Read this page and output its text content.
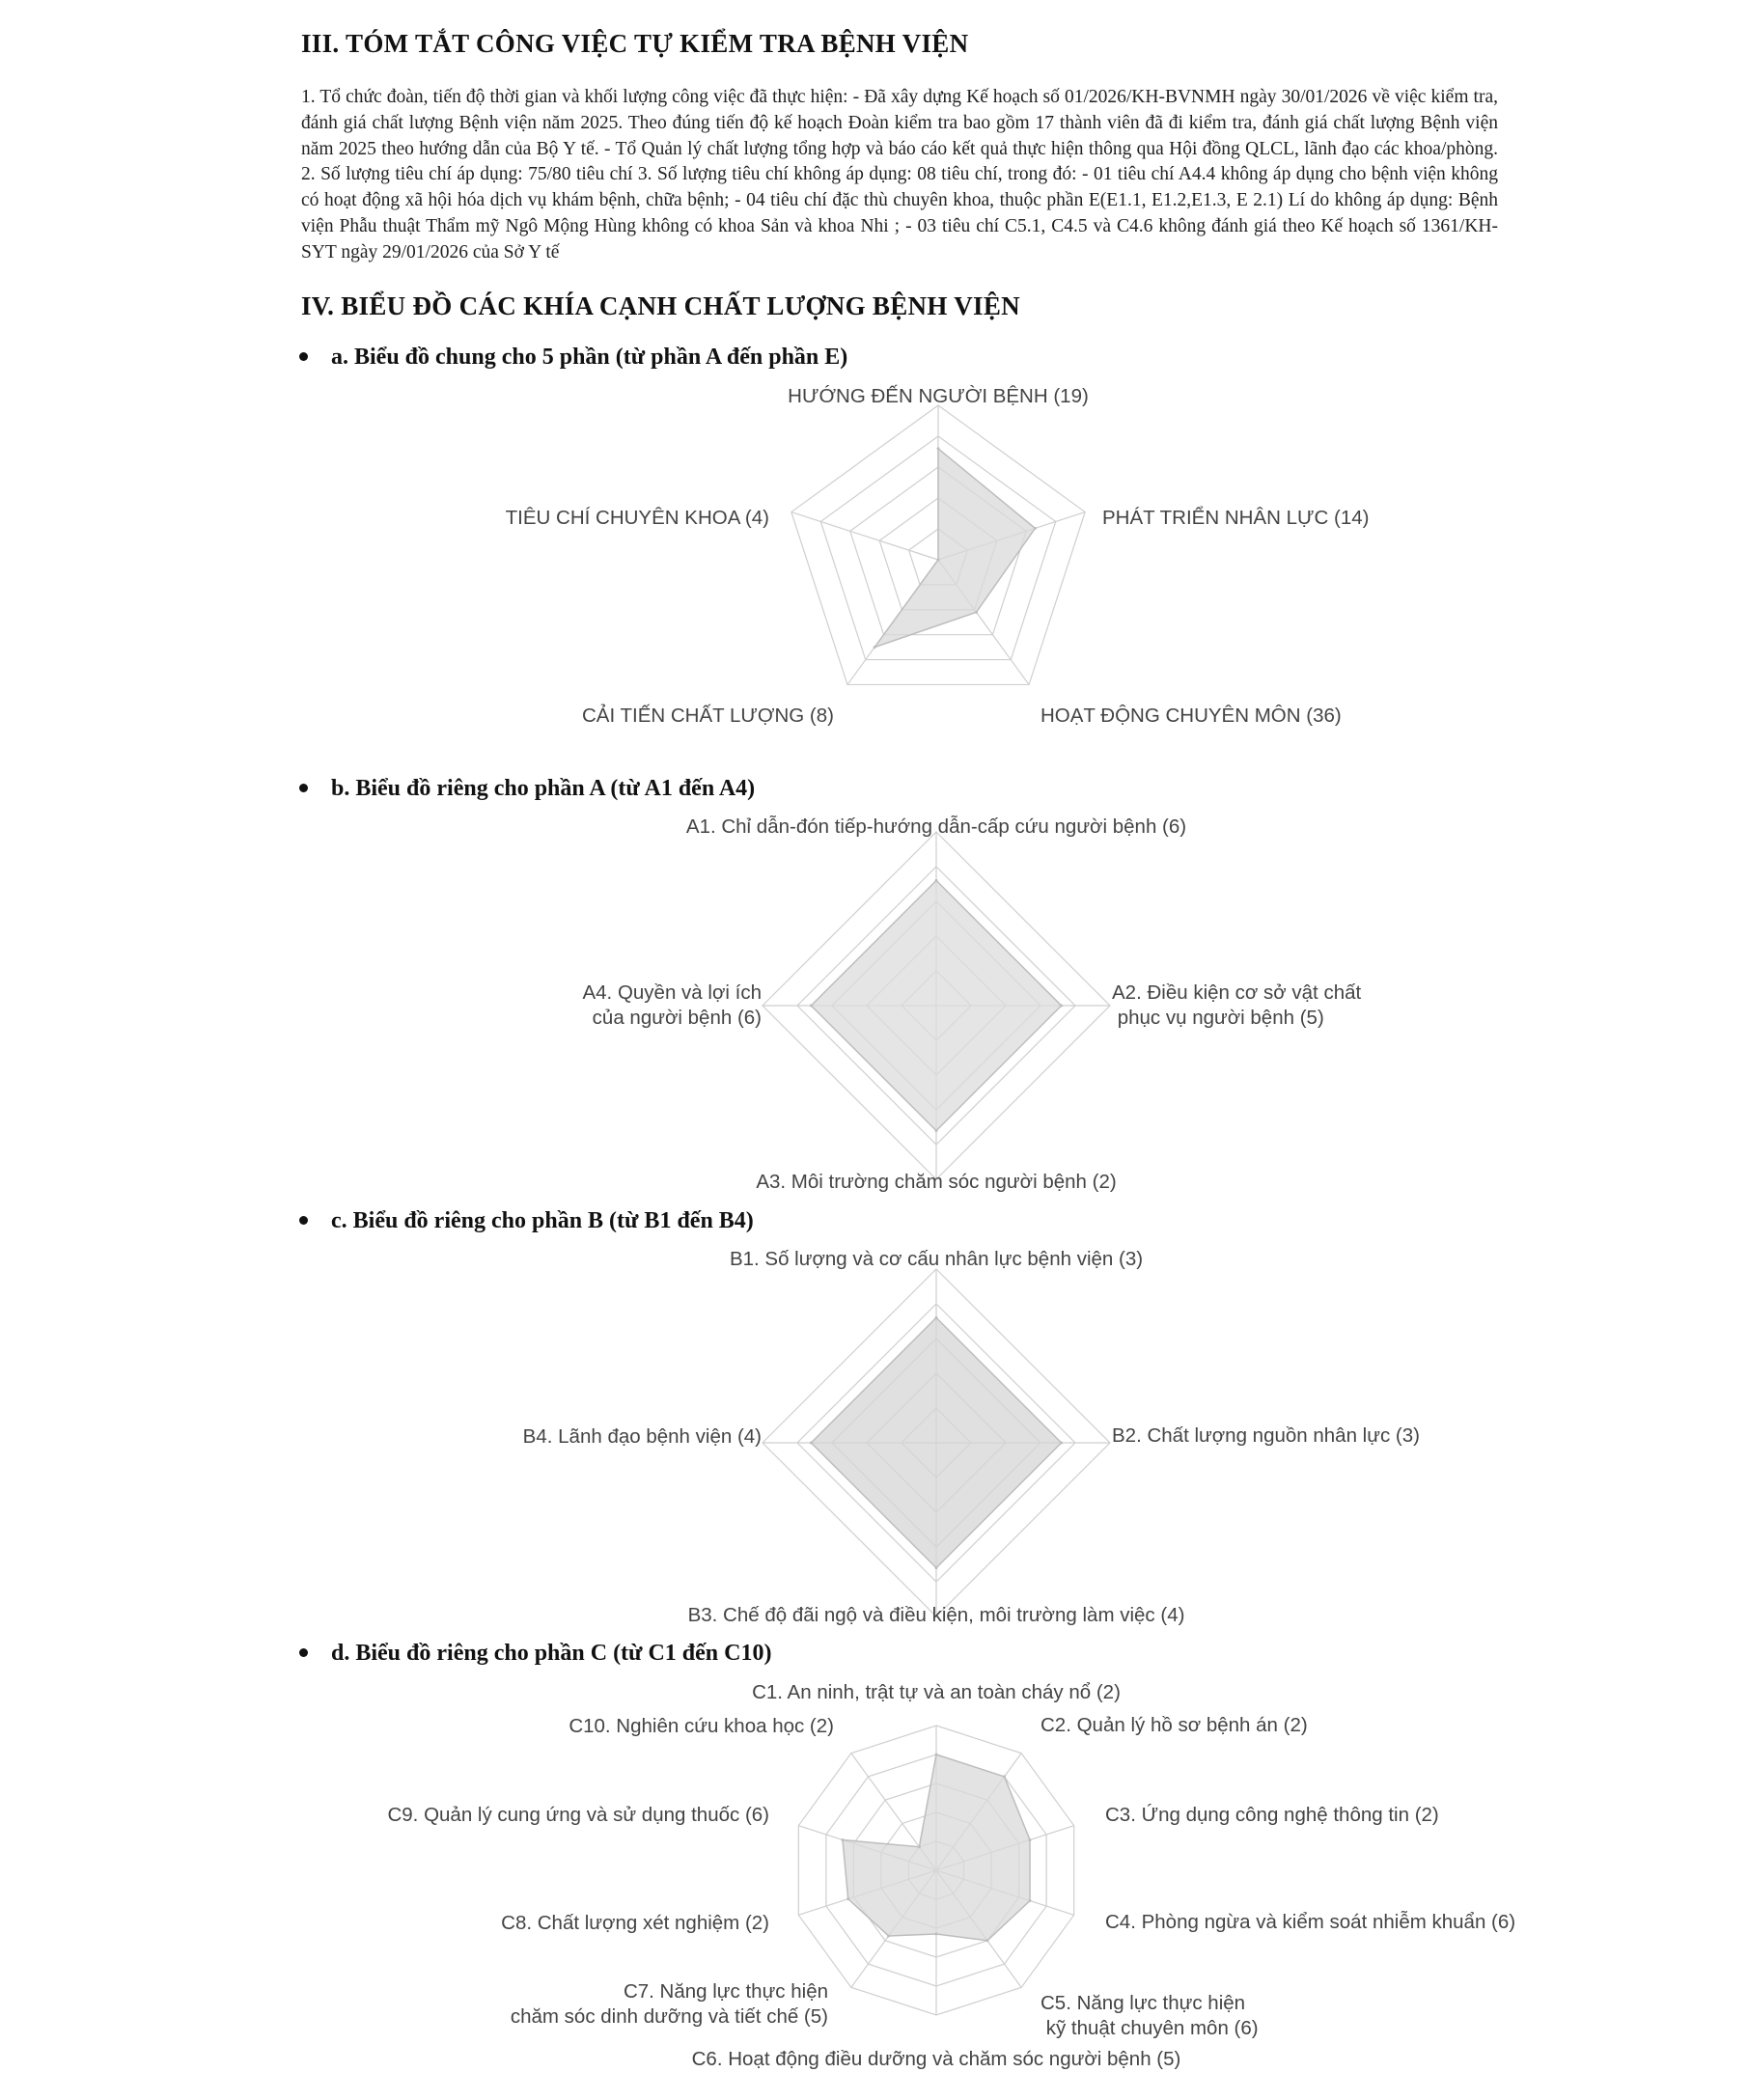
III. TÓM TẮT CÔNG VIỆC TỰ KIỂM TRA BỆNH VIỆN
1. Tổ chức đoàn, tiến độ thời gian và khối lượng công việc đã thực hiện: - Đã xây dựng Kế hoạch số 01/2026/KH-BVNMH ngày 30/01/2026 về việc kiểm tra, đánh giá chất lượng Bệnh viện năm 2025. Theo đúng tiến độ kế hoạch Đoàn kiểm tra bao gồm 17 thành viên đã đi kiểm tra, đánh giá chất lượng Bệnh viện năm 2025 theo hướng dẫn của Bộ Y tế. - Tổ Quản lý chất lượng tổng hợp và báo cáo kết quả thực hiện thông qua Hội đồng QLCL, lãnh đạo các khoa/phòng. 2. Số lượng tiêu chí áp dụng: 75/80 tiêu chí 3. Số lượng tiêu chí không áp dụng: 08 tiêu chí, trong đó: - 01 tiêu chí A4.4 không áp dụng cho bệnh viện không có hoạt động xã hội hóa dịch vụ khám bệnh, chữa bệnh; - 04 tiêu chí đặc thù chuyên khoa, thuộc phần E(E1.1, E1.2,E1.3, E 2.1) Lí do không áp dụng: Bệnh viện Phẫu thuật Thẩm mỹ Ngô Mộng Hùng không có khoa Sản và khoa Nhi ; - 03 tiêu chí C5.1, C4.5 và C4.6 không đánh giá theo Kế hoạch số 1361/KH-SYT ngày 29/01/2026 của Sở Y tế
IV. BIỂU ĐỒ CÁC KHÍA CẠNH CHẤT LƯỢNG BỆNH VIỆN
a. Biểu đồ chung cho 5 phần (từ phần A đến phần E)
HƯỚNG ĐẾN NGƯỜI BỆNH (19)
PHÁT TRIỂN NHÂN LỰC (14)
HOẠT ĐỘNG CHUYÊN MÔN (36)
CẢI TIẾN CHẤT LƯỢNG (8)
TIÊU CHÍ CHUYÊN KHOA (4)
A1. Chỉ dẫn-đón tiếp-hướng dẫn-cấp cứu người bệnh (6)
A2. Điều kiện cơ sở vật chất phục vụ người bệnh (5)
A3. Môi trường chăm sóc người bệnh (2)
A4. Quyền và lợi ích của người bệnh (6)
B1. Số lượng và cơ cấu nhân lực bệnh viện (3)
B2. Chất lượng nguồn nhân lực (3)
B3. Chế độ đãi ngộ và điều kiện, môi trường làm việc (4)
B4. Lãnh đạo bệnh viện (4)
C1. An ninh, trật tự và an toàn cháy nổ (2)
C2. Quản lý hồ sơ bệnh án (2)
C3. Ứng dụng công nghệ thông tin (2)
C4. Phòng ngừa và kiểm soát nhiễm khuẩn (6)
C5. Năng lực thực hiện kỹ thuật chuyên môn (6)
C6. Hoạt động điều dưỡng và chăm sóc người bệnh (5)
C7. Năng lực thực hiện chăm sóc dinh dưỡng và tiết chế (5)
C8. Chất lượng xét nghiệm (2)
C9. Quản lý cung ứng và sử dụng thuốc (6)
C10. Nghiên cứu khoa học (2)
b. Biểu đồ riêng cho phần A (từ A1 đến A4)
c. Biểu đồ riêng cho phần B (từ B1 đến B4)
d. Biểu đồ riêng cho phần C (từ C1 đến C10)
